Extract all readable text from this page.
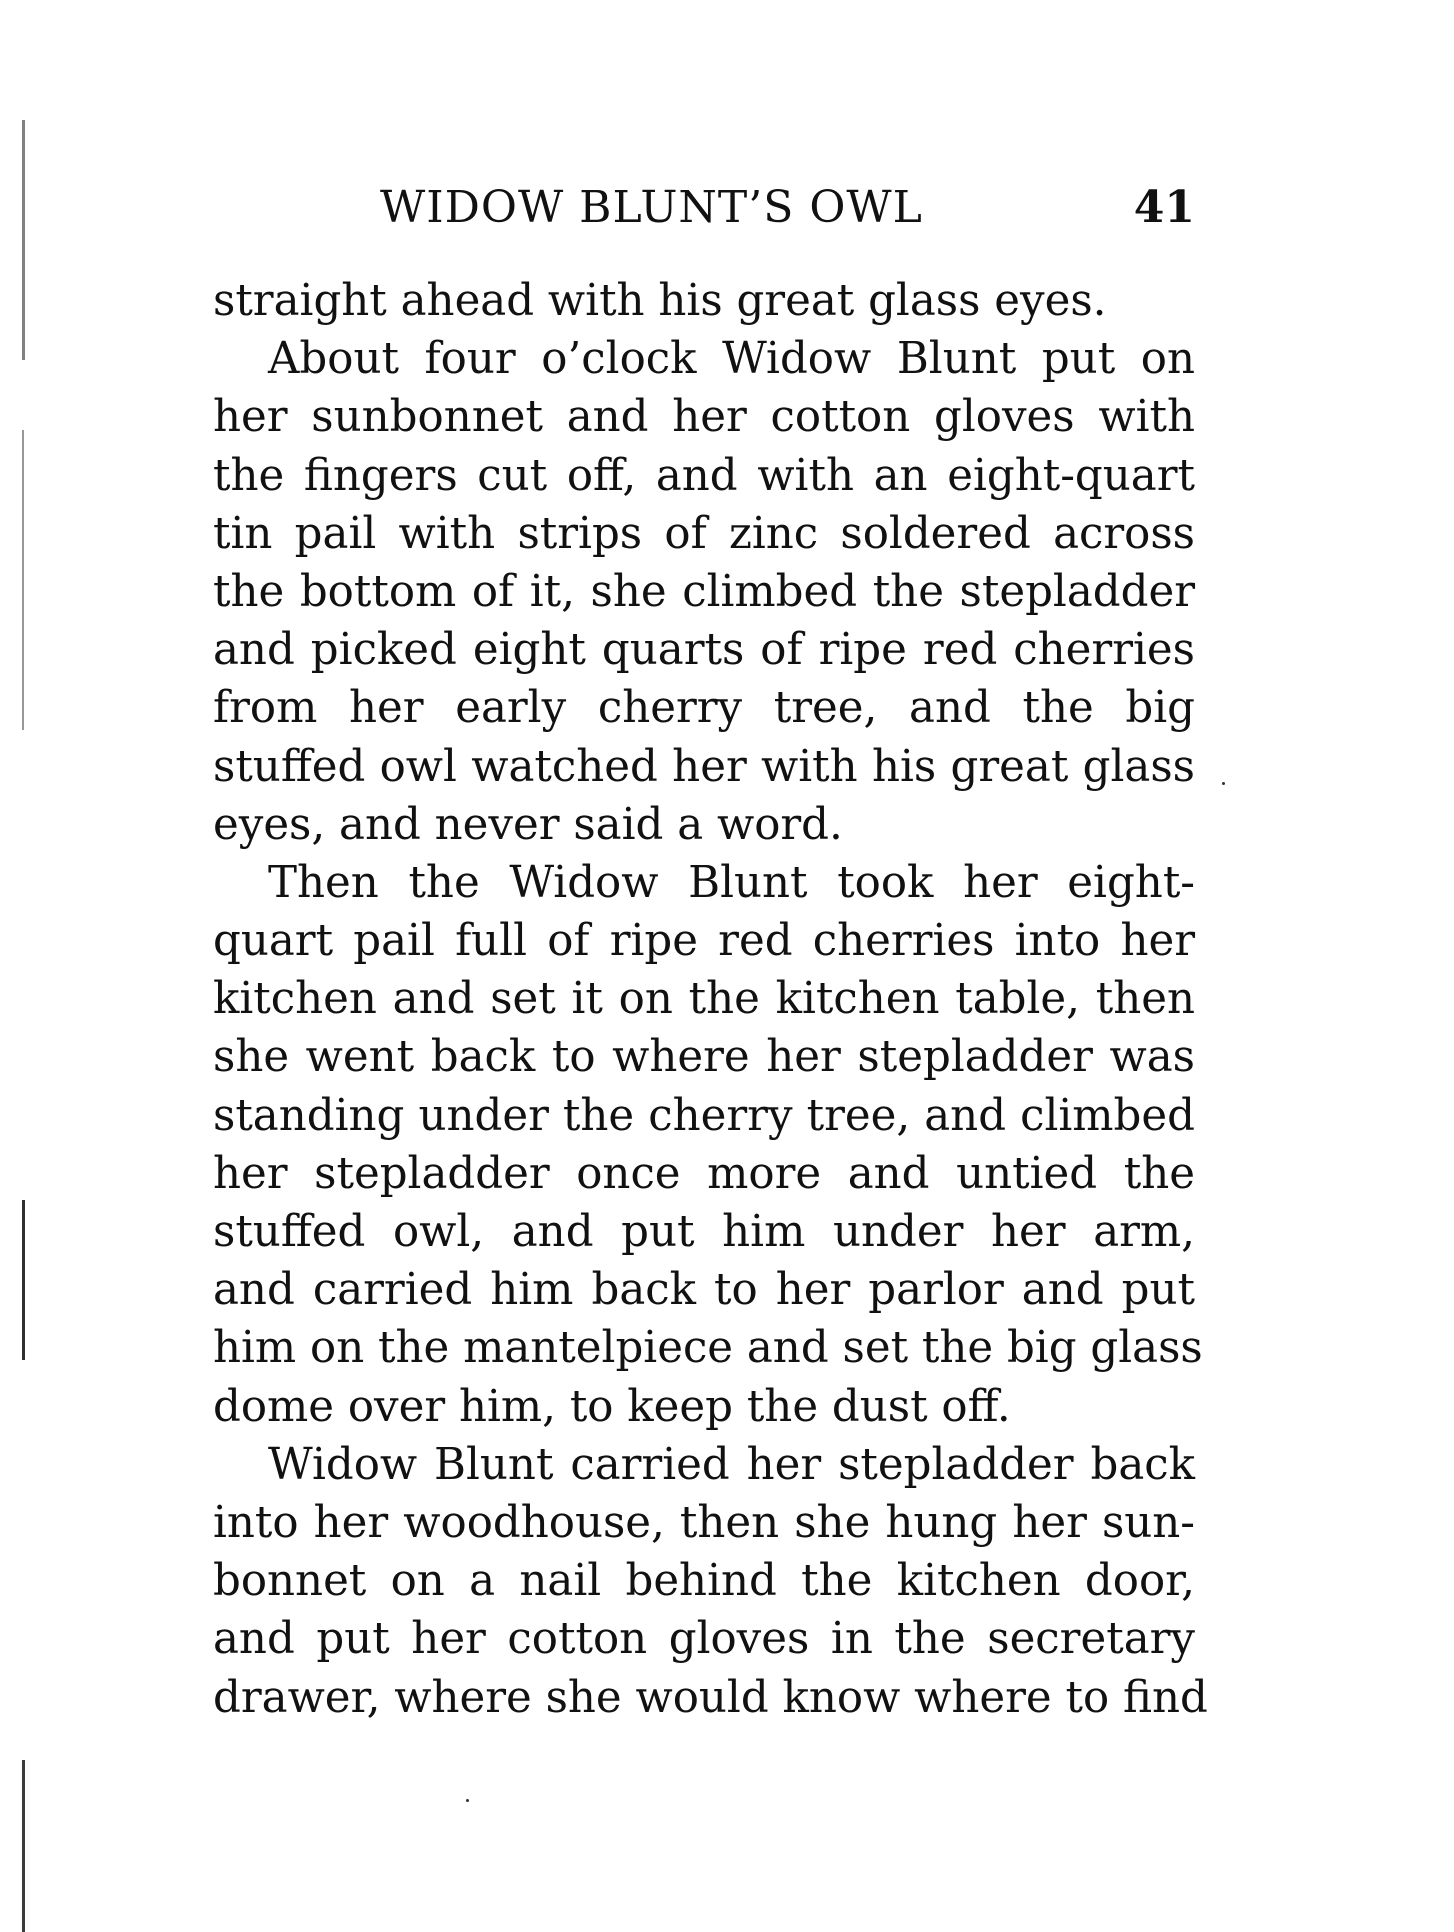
WIDOW BLUNT’S OWL	41
straight ahead with his great glass eyes.
About four o’clock Widow Blunt put on
her sunbonnet and her cotton gloves with
the fingers cut off, and with an eight-quart
tin pail with strips of zinc soldered across
the bottom of it, she climbed the stepladder
and picked eight quarts of ripe red cherries
from her early cherry tree, and the big
stuffed owl watched her with his great glass
eyes, and never said a word.
Then the Widow Blunt took her eight-
quart pail full of ripe red cherries into her
kitchen and set it on the kitchen table, then
she went back to where her stepladder was
standing under the cherry tree, and climbed
her stepladder once more and untied the
stuffed owl, and put him under her arm,
and carried him back to her parlor and put
him on the mantelpiece and set the big glass
dome over him, to keep the dust off.
Widow Blunt carried her stepladder back
into her woodhouse, then she hung her sun-
bonnet on a nail behind the kitchen door,
and put her cotton gloves in the secretary
drawer, where she would know where to find
